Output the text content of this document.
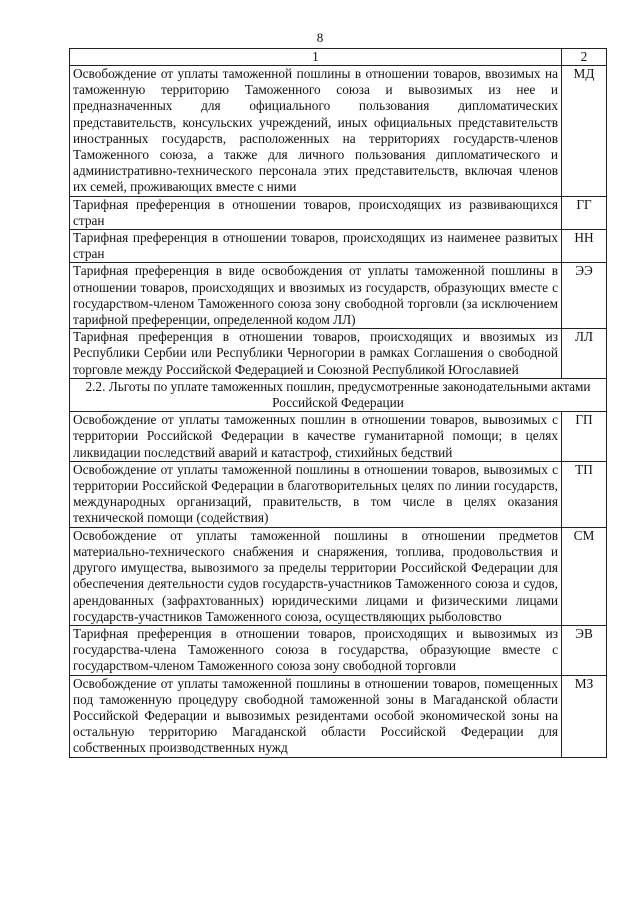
8
1	2
Освобождение от уплаты таможенной пошлины в отношении товаров, ввозимых на таможенную территорию Таможенного союза и вывозимых из нее и предназначенных для официального пользования дипломатических представительств, консульских учреждений, иных официальных представительств иностранных государств, расположенных на территориях государств-членов Таможенного союза, а также для личного пользования дипломатического и административно-технического персонала этих представительств, включая членов их семей, проживающих вместе с ними	МД
Тарифная преференция в отношении товаров, происходящих из развивающихся стран	ГГ
Тарифная преференция в отношении товаров, происходящих из наименее развитых стран	НН
Тарифная преференция в виде освобождения от уплаты таможенной пошлины в отношении товаров, происходящих и ввозимых из государств, образующих вместе с государством-членом Таможенного союза зону свободной торговли (за исключением тарифной преференции, определенной кодом ЛЛ)	ЭЭ
Тарифная преференция в отношении товаров, происходящих и ввозимых из Республики Сербии или Республики Черногории в рамках Соглашения о свободной торговле между Российской Федерацией и Союзной Республикой Югославией	ЛЛ
2.2. Льготы по уплате таможенных пошлин, предусмотренные законодательными актами Российской Федерации	
Освобождение от уплаты таможенных пошлин в отношении товаров, вывозимых с территории Российской Федерации в качестве гуманитарной помощи; в целях ликвидации последствий аварий и катастроф, стихийных бедствий	ГП
Освобождение от уплаты таможенной пошлины в отношении товаров, вывозимых с территории Российской Федерации в благотворительных целях по линии государств, международных организаций, правительств, в том числе в целях оказания технической помощи (содействия)	ТП
Освобождение от уплаты таможенной пошлины в отношении предметов материально-технического снабжения и снаряжения, топлива, продовольствия и другого имущества, вывозимого за пределы территории Российской Федерации для обеспечения деятельности судов государств-участников Таможенного союза и судов, арендованных (зафрахтованных) юридическими лицами и физическими лицами государств-участников Таможенного союза, осуществляющих рыболовство	СМ
Тарифная преференция в отношении товаров, происходящих и вывозимых из государства-члена Таможенного союза в государства, образующие вместе с государством-членом Таможенного союза зону свободной торговли	ЭВ
Освобождение от уплаты таможенной пошлины в отношении товаров, помещенных под таможенную процедуру свободной таможенной зоны в Магаданской области Российской Федерации и вывозимых резидентами особой экономической зоны на остальную территорию Магаданской области Российской Федерации для собственных производственных нужд	МЗ
